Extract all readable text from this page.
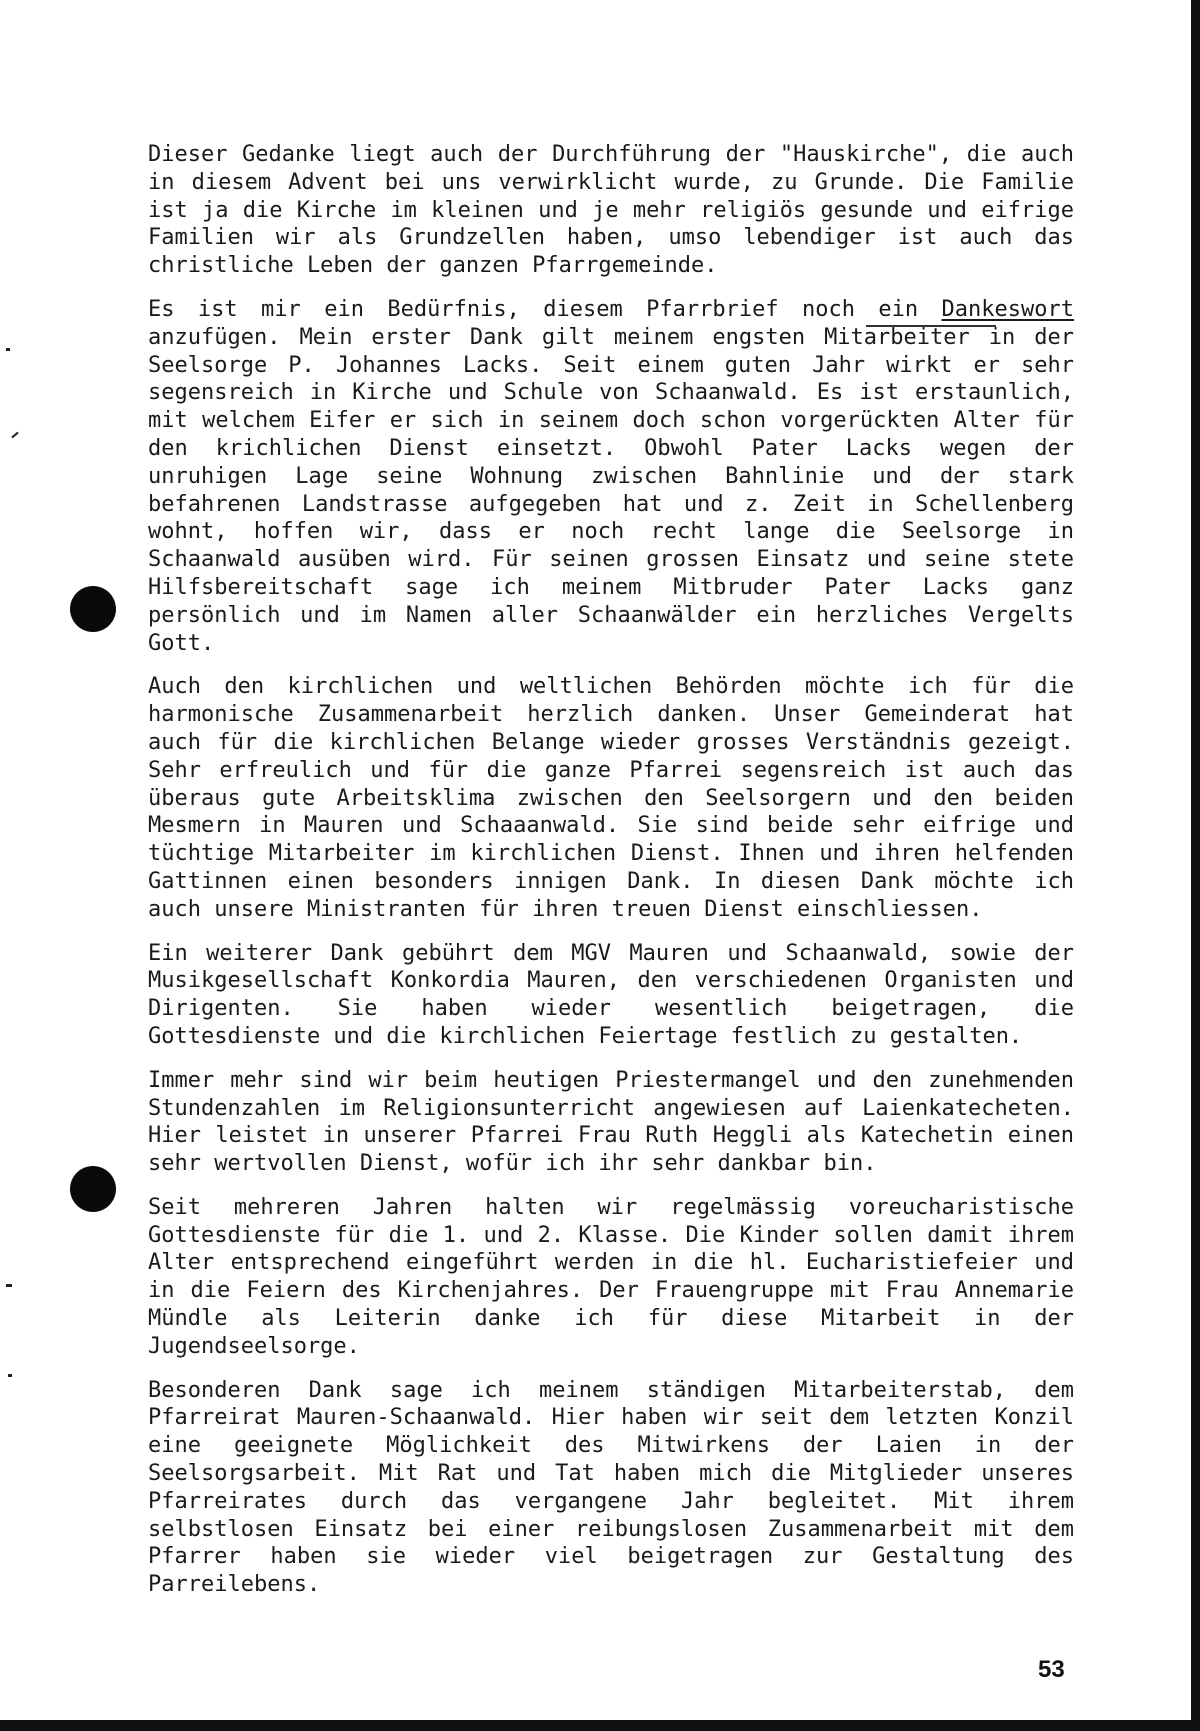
Dieser Gedanke liegt auch der Durchführung der "Hauskirche", die auch in diesem Advent bei uns verwirklicht wurde, zu Grunde. Die Familie ist ja die Kirche im kleinen und je mehr religiös gesunde und eifrige Familien wir als Grundzellen haben, umso lebendiger ist auch das christliche Leben der ganzen Pfarrgemeinde.

Es ist mir ein Bedürfnis, diesem Pfarrbrief noch ein Dankeswort anzufügen. Mein erster Dank gilt meinem engsten Mitarbeiter in der Seelsorge P. Johannes Lacks. Seit einem guten Jahr wirkt er sehr segensreich in Kirche und Schule von Schaanwald. Es ist erstaunlich, mit welchem Eifer er sich in seinem doch schon vorgerückten Alter für den krichlichen Dienst einsetzt. Obwohl Pater Lacks wegen der unruhigen Lage seine Wohnung zwischen Bahnlinie und der stark befahrenen Landstrasse aufgegeben hat und z. Zeit in Schellenberg wohnt, hoffen wir, dass er noch recht lange die Seelsorge in Schaanwald ausüben wird. Für seinen grossen Einsatz und seine stete Hilfsbereitschaft sage ich meinem Mitbruder Pater Lacks ganz persönlich und im Namen aller Schaanwälder ein herzliches Vergelts Gott.

Auch den kirchlichen und weltlichen Behörden möchte ich für die harmonische Zusammenarbeit herzlich danken. Unser Gemeinderat hat auch für die kirchlichen Belange wieder grosses Verständnis gezeigt. Sehr erfreulich und für die ganze Pfarrei segensreich ist auch das überaus gute Arbeitsklima zwischen den Seelsorgern und den beiden Mesmern in Mauren und Schaaanwald. Sie sind beide sehr eifrige und tüchtige Mitarbeiter im kirchlichen Dienst. Ihnen und ihren helfenden Gattinnen einen besonders innigen Dank. In diesen Dank möchte ich auch unsere Ministranten für ihren treuen Dienst einschliessen.

Ein weiterer Dank gebührt dem MGV Mauren und Schaanwald, sowie der Musikgesellschaft Konkordia Mauren, den verschiedenen Organisten und Dirigenten. Sie haben wieder wesentlich beigetragen, die Gottesdienste und die kirchlichen Feiertage festlich zu gestalten.

Immer mehr sind wir beim heutigen Priestermangel und den zunehmenden Stundenzahlen im Religionsunterricht angewiesen auf Laienkatecheten. Hier leistet in unserer Pfarrei Frau Ruth Heggli als Katechetin einen sehr wertvollen Dienst, wofür ich ihr sehr dankbar bin.

Seit mehreren Jahren halten wir regelmässig voreucharistische Gottesdienste für die 1. und 2. Klasse. Die Kinder sollen damit ihrem Alter entsprechend eingeführt werden in die hl. Eucharistiefeier und in die Feiern des Kirchenjahres. Der Frauengruppe mit Frau Annemarie Mündle als Leiterin danke ich für diese Mitarbeit in der Jugendseelsorge.

Besonderen Dank sage ich meinem ständigen Mitarbeiterstab, dem Pfarreirat Mauren-Schaanwald. Hier haben wir seit dem letzten Konzil eine geeignete Möglichkeit des Mitwirkens der Laien in der Seelsorgsarbeit. Mit Rat und Tat haben mich die Mitglieder unseres Pfarreirates durch das vergangene Jahr begleitet. Mit ihrem selbstlosen Einsatz bei einer reibungslosen Zusammenarbeit mit dem Pfarrer haben sie wieder viel beigetragen zur Gestaltung des Parreilebens.

53
